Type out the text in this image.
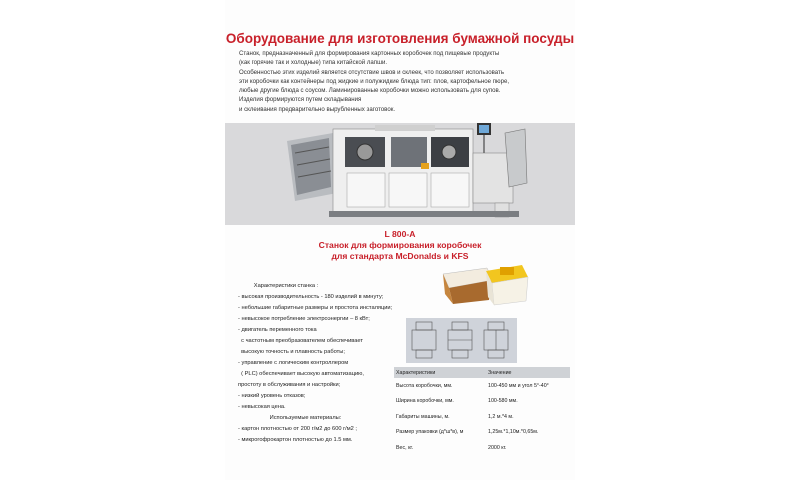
Оборудование для изготовления бумажной посуды
Станок, предназначенный для формирования картонных коробочек под пищевые продукты
(как горячие так и холодные) типа китайской лапши.
Особенностью этих изделий является отсутствие швов и склеек, что позволяет использовать
эти коробочки как контейнеры под жидкие и полужидкие блюда тип: плов, картофельное пюре,
любые другие блюда с соусом. Ламинированные коробочки можно использовать для супов.
Изделия формируются путем складывания
и склеивания предварительно вырубленных заготовок.
L 800-A
Станок для формирования коробочек
для стандарта McDonalds и KFS
Характеристики станка :
- высокая производительность - 180 изделий в минуту;
- небольшие габаритные размеры и простота инсталяции;
- невысокое потребление электроэнергии – 8 кВт;
- двигатель переменного тока
с частотным преобразователем обеспечивает
высокую точность и плавность работы;
- управление с логическим контроллером
( PLC) обеспечивает высокую автоматизацию,
простоту в обслуживания и настройки;
- низкий уровень отказов;
- невысокая цена.
Используемые материалы:
- картон плотностью от 200 г/м2 до 600 г/м2 ;
- микрогофрокартон плотностью до 1.5 мм.
Характеристики	Значение
Высота коробочки, мм.	100-450 мм и угол 5°-40°
Ширина коробочки, мм.	100-580 мм.
Габариты машины, м.	1,2 м.*4 м.
Размер упаковки (д*ш*в), м	1,25м.*1,10м.*0,65м.
Вес, кг.	2000 кг.
